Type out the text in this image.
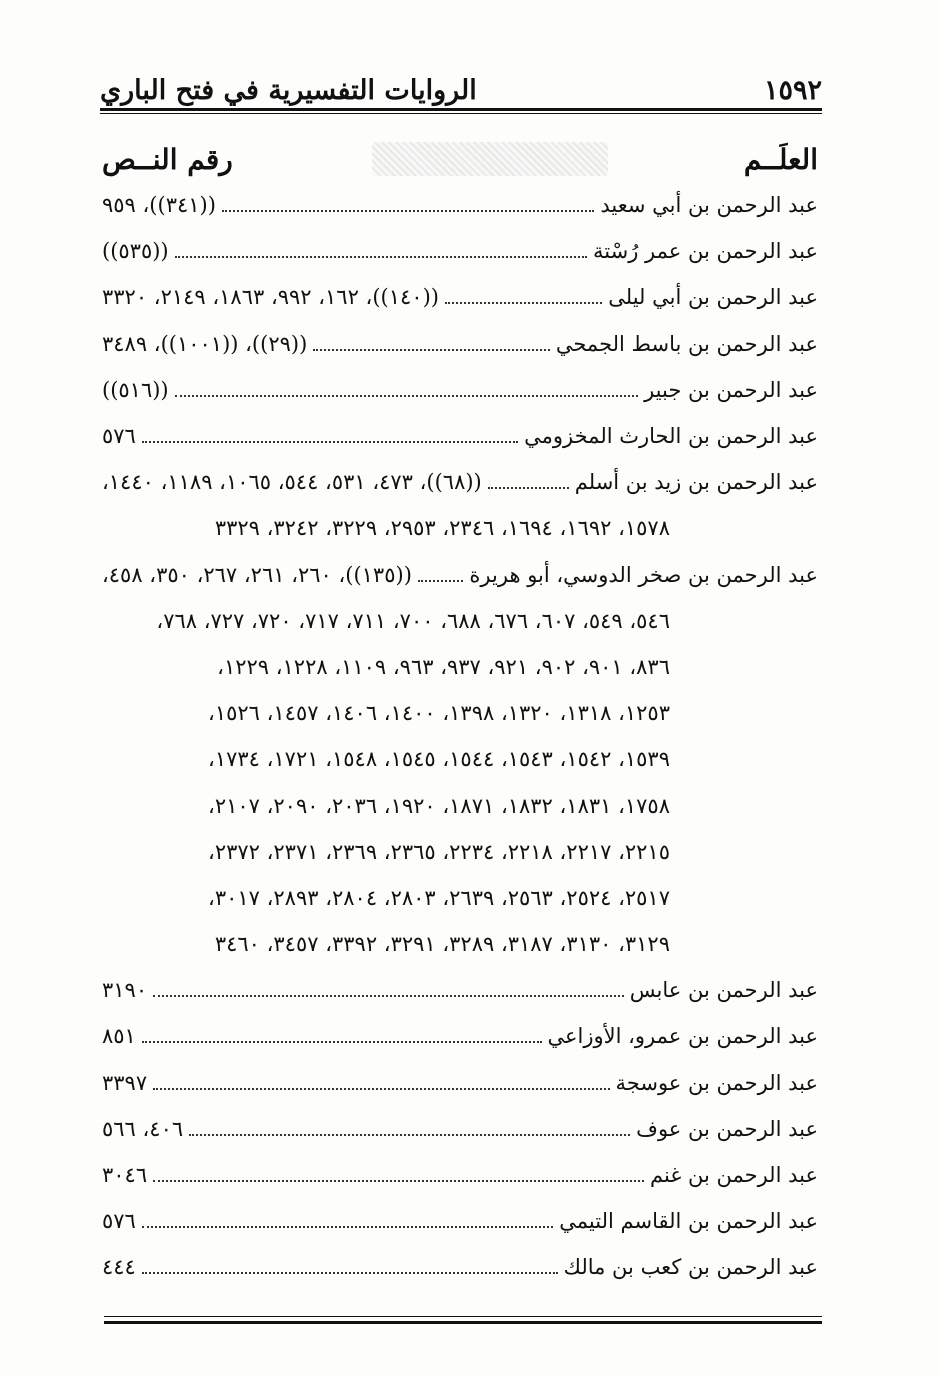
١٥٩٢
الروايات التفسيرية في فتح الباري
العلَــم
رقم النــص
عبد الرحمن بن أبي سعيد
((٣٤١))، ٩٥٩
عبد الرحمن بن عمر رُسْتة
((٥٣٥))
عبد الرحمن بن أبي ليلى
((١٤٠))، ١٦٢، ٩٩٢، ١٨٦٣، ٢١٤٩، ٣٣٢٠
عبد الرحمن بن باسط الجمحي
((٢٩))، ((١٠٠١))، ٣٤٨٩
عبد الرحمن بن جبير
((٥١٦))
عبد الرحمن بن الحارث المخزومي
٥٧٦
عبد الرحمن بن زيد بن أسلم
((٦٨))، ٤٧٣، ٥٣١، ٥٤٤، ١٠٦٥، ١١٨٩، ١٤٤٠،
١٥٧٨، ١٦٩٢، ١٦٩٤، ٢٣٤٦، ٢٩٥٣، ٣٢٢٩، ٣٢٤٢، ٣٣٢٩
عبد الرحمن بن صخر الدوسي، أبو هريرة
((١٣٥))، ٢٦٠، ٢٦١، ٢٦٧، ٣٥٠، ٤٥٨،
٥٤٦، ٥٤٩، ٦٠٧، ٦٧٦، ٦٨٨، ٧٠٠، ٧١١، ٧١٧، ٧٢٠، ٧٢٧، ٧٦٨،
٨٣٦، ٩٠١، ٩٠٢، ٩٢١، ٩٣٧، ٩٦٣، ١١٠٩، ١٢٢٨، ١٢٢٩،
١٢٥٣، ١٣١٨، ١٣٢٠، ١٣٩٨، ١٤٠٠، ١٤٠٦، ١٤٥٧، ١٥٢٦،
١٥٣٩، ١٥٤٢، ١٥٤٣، ١٥٤٤، ١٥٤٥، ١٥٤٨، ١٧٢١، ١٧٣٤،
١٧٥٨، ١٨٣١، ١٨٣٢، ١٨٧١، ١٩٢٠، ٢٠٣٦، ٢٠٩٠، ٢١٠٧،
٢٢١٥، ٢٢١٧، ٢٢١٨، ٢٢٣٤، ٢٣٦٥، ٢٣٦٩، ٢٣٧١، ٢٣٧٢،
٢٥١٧، ٢٥٢٤، ٢٥٦٣، ٢٦٣٩، ٢٨٠٣، ٢٨٠٤، ٢٨٩٣، ٣٠١٧،
٣١٢٩، ٣١٣٠، ٣١٨٧، ٣٢٨٩، ٣٢٩١، ٣٣٩٢، ٣٤٥٧، ٣٤٦٠
عبد الرحمن بن عابس
٣١٩٠
عبد الرحمن بن عمرو، الأوزاعي
٨٥١
عبد الرحمن بن عوسجة
٣٣٩٧
عبد الرحمن بن عوف
٤٠٦، ٥٦٦
عبد الرحمن بن غنم
٣٠٤٦
عبد الرحمن بن القاسم التيمي
٥٧٦
عبد الرحمن بن كعب بن مالك
٤٤٤
